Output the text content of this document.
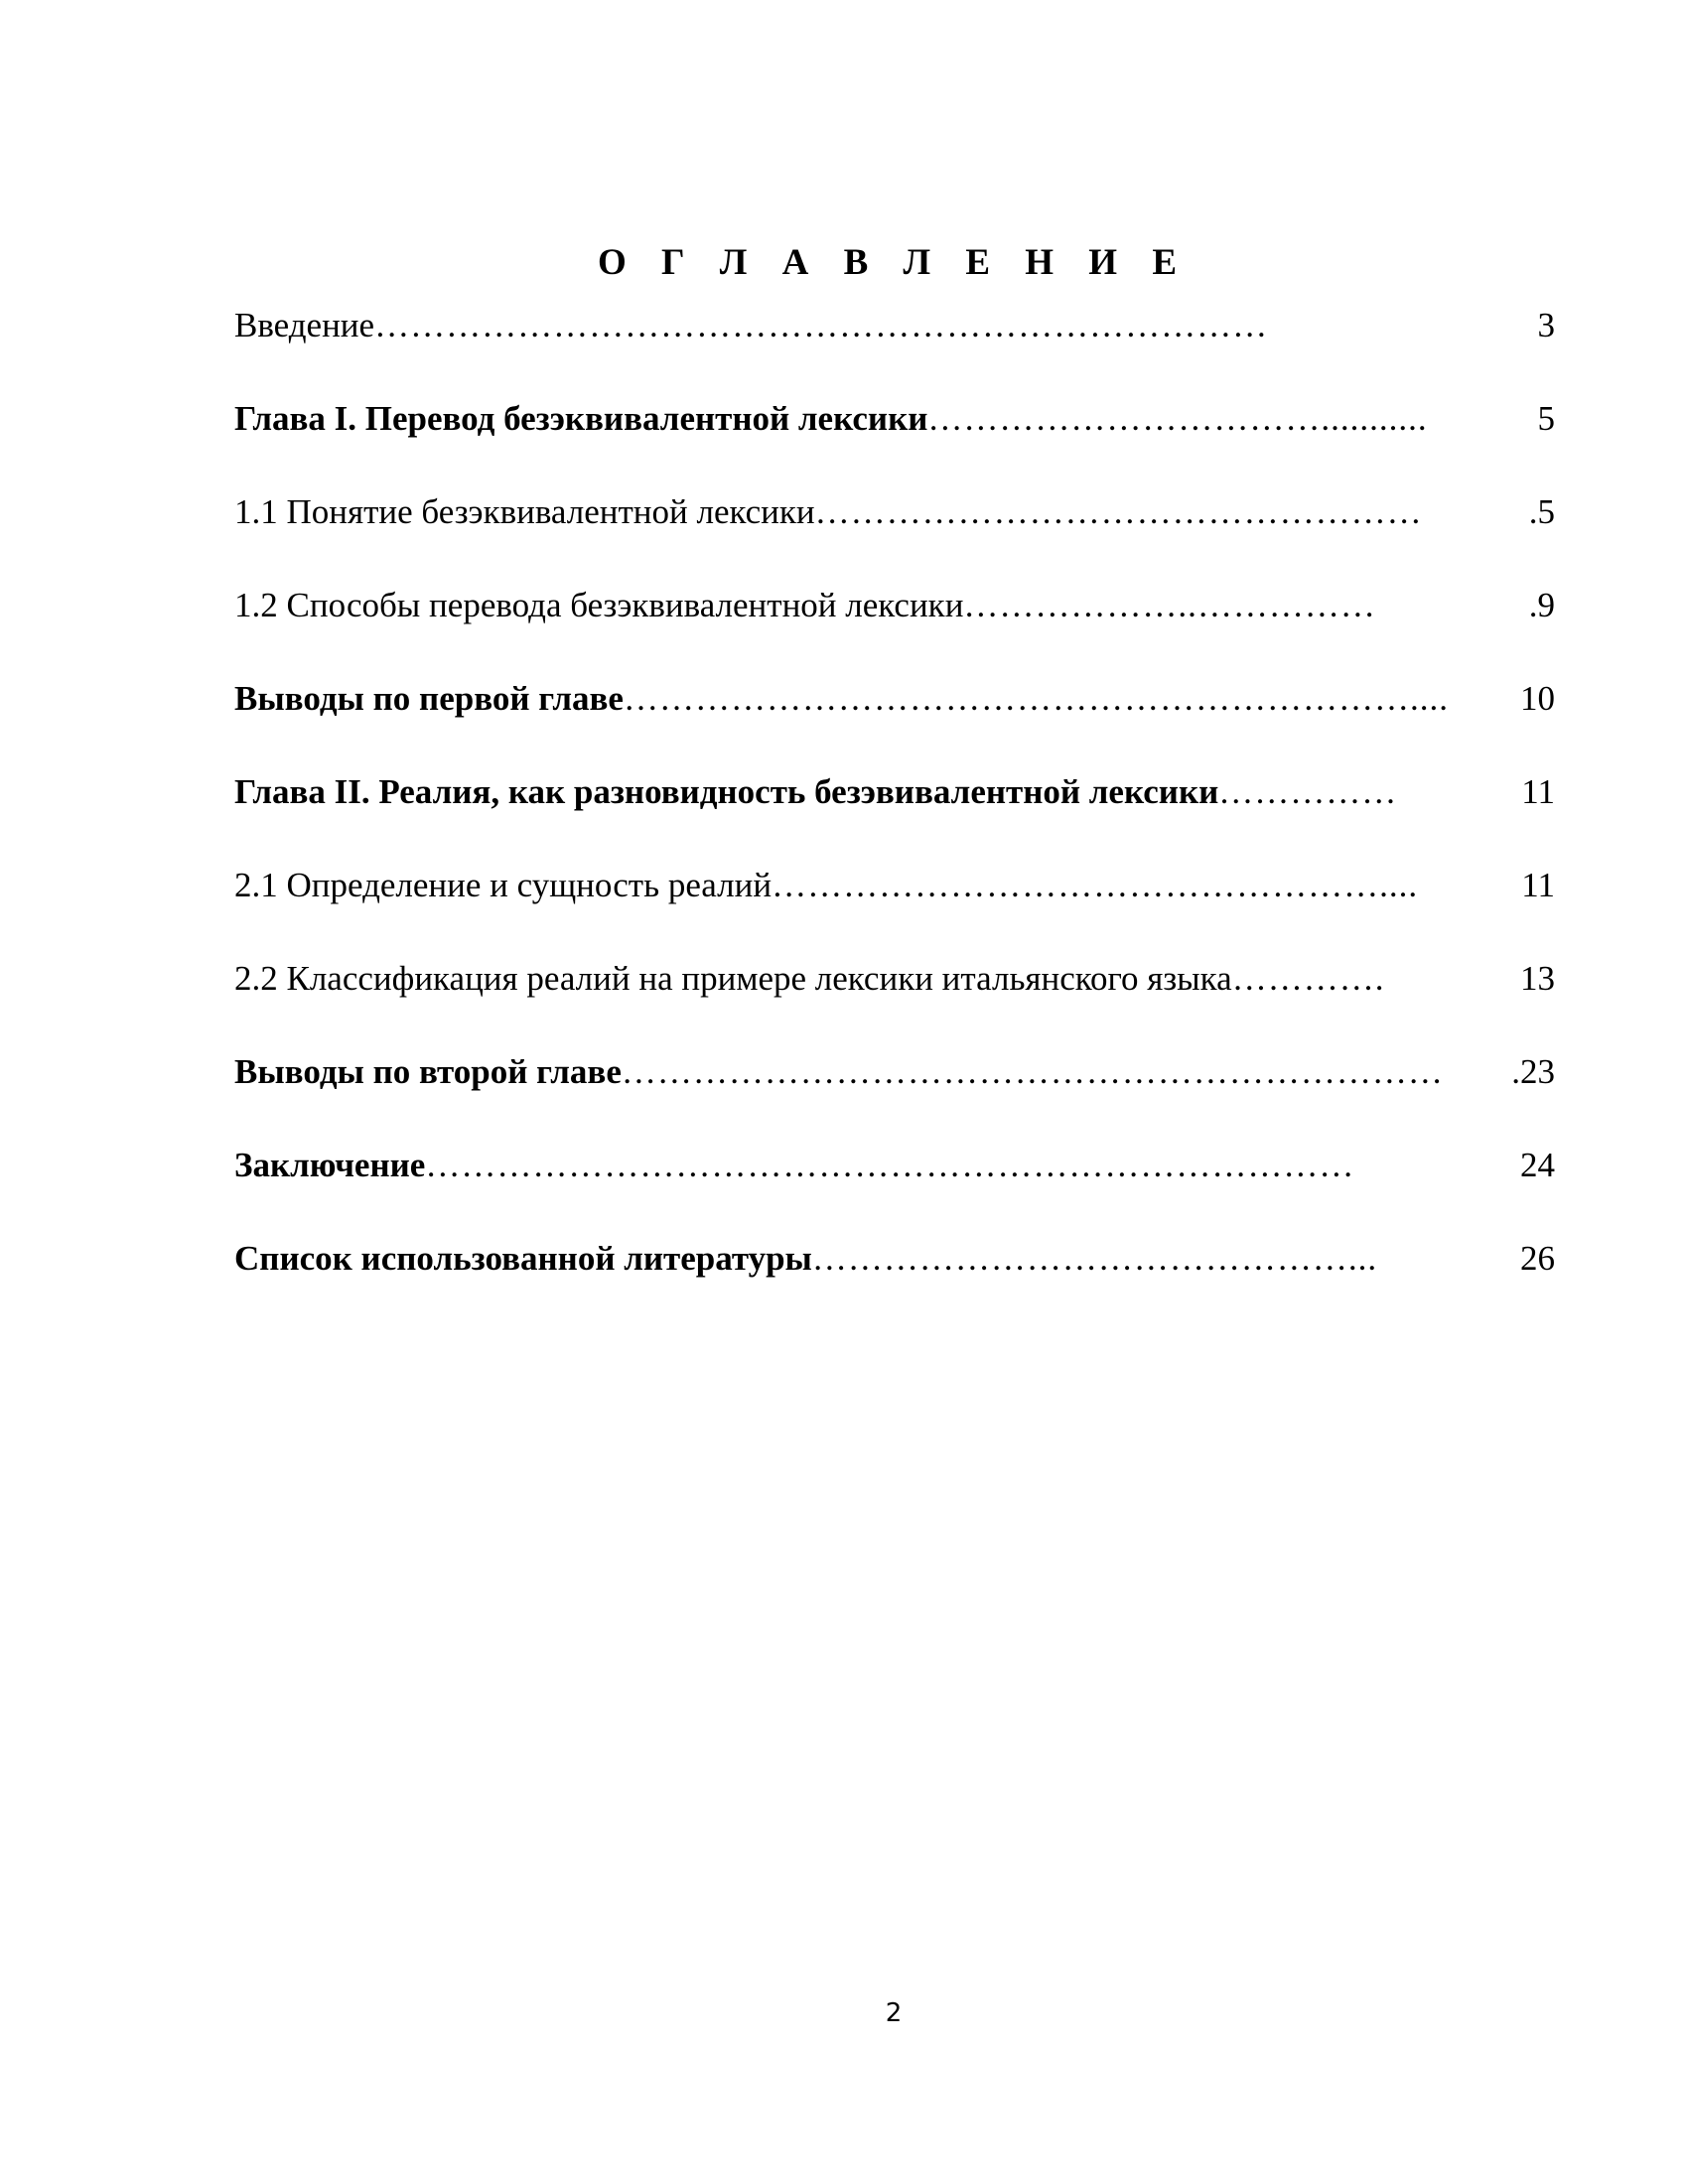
О Г Л А В Л Е Н И Е
Введение …………………………………………………………………	3
Глава I. Перевод безэквивалентной лексики ……………………………...........	5
1.1 Понятие безэквивалентной лексики ……………………………………………	.5
1.2 Способы перевода безэквивалентной лексики ………………..……………	.9
Выводы по первой главе …………………………………………………………....	10
Глава II. Реалия, как разновидность безэвивалентной лексики ……………	11
2.1 Определение и сущность реалий ……………………………………………....	11
2.2 Классификация реалий на примере лексики итальянского языка ………….	13
Выводы по второй главе ……………………………………………………………	.23
Заключение ……………………………………………………………………	24
Список использованной литературы ………………………………………...	26
2
